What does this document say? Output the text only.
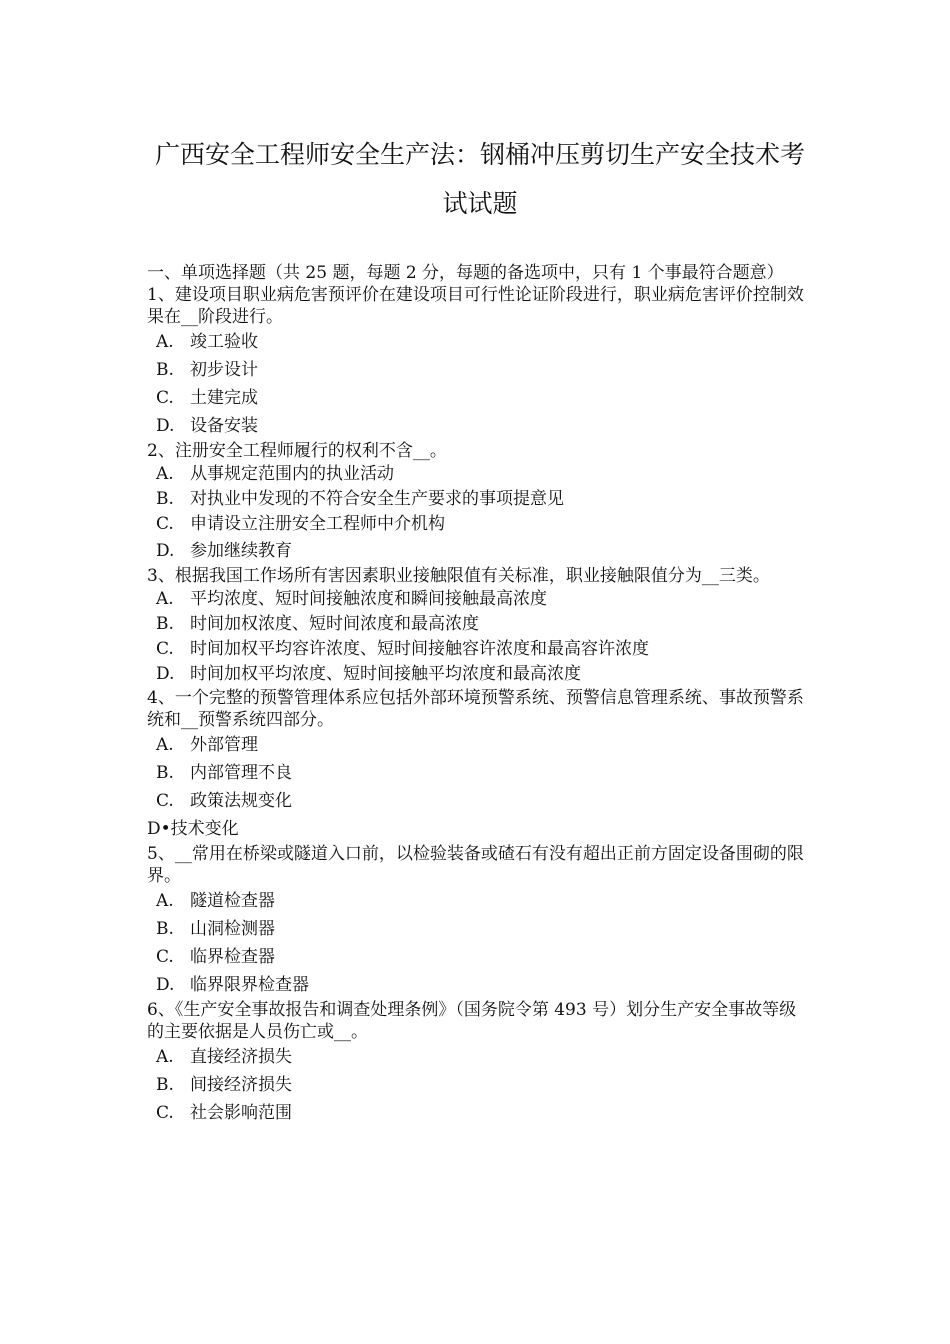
广西安全工程师安全生产法：钢桶冲压剪切生产安全技术考
试试题

一、单项选择题（共 25 题，每题 2 分，每题的备选项中，只有 1 个事最符合题意）

1、建设项目职业病危害预评价在建设项目可行性论证阶段进行，职业病危害评价控制效果在__阶段进行。

A. 竣工验收
B. 初步设计
C. 土建完成
D. 设备安装

2、注册安全工程师履行的权利不含__。

A. 从事规定范围内的执业活动
B. 对执业中发现的不符合安全生产要求的事项提意见
C. 申请设立注册安全工程师中介机构
D. 参加继续教育

3、根据我国工作场所有害因素职业接触限值有关标准，职业接触限值分为__三类。

A. 平均浓度、短时间接触浓度和瞬间接触最高浓度
B. 时间加权浓度、短时间浓度和最高浓度
C. 时间加权平均容许浓度、短时间接触容许浓度和最高容许浓度
D. 时间加权平均浓度、短时间接触平均浓度和最高浓度

4、一个完整的预警管理体系应包括外部环境预警系统、预警信息管理系统、事故预警系统和__预警系统四部分。

A. 外部管理
B. 内部管理不良
C. 政策法规变化
D•技术变化

5、__常用在桥梁或隧道入口前，以检验装备或碴石有没有超出正前方固定设备围砌的限界。

A. 隧道检查器
B. 山洞检测器
C. 临界检查器
D. 临界限界检查器

6、《生产安全事故报告和调查处理条例》（国务院令第 493 号）划分生产安全事故等级的主要依据是人员伤亡或__。

A. 直接经济损失
B. 间接经济损失
C. 社会影响范围
